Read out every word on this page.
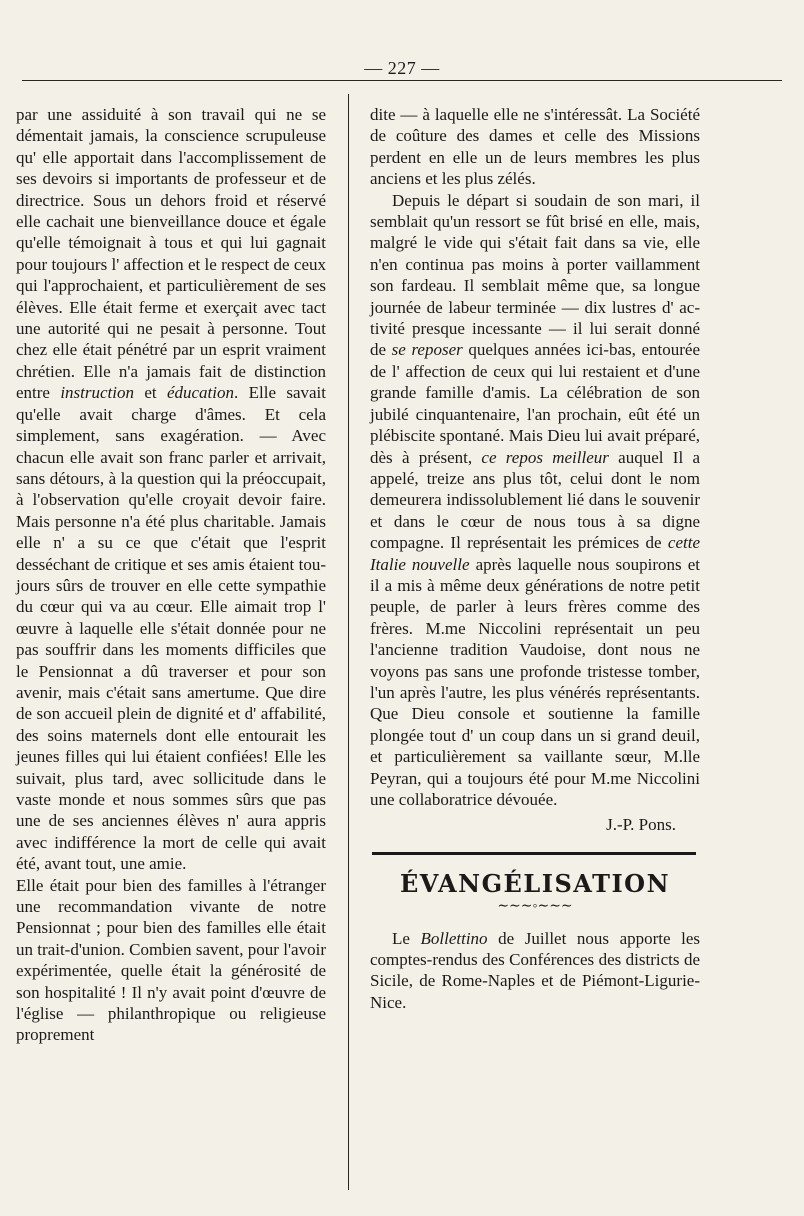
— 227 —

par une assiduité à son travail qui ne se démentait jamais, la conscience scrupuleuse qu' elle apportait dans l'accomplissement de ses devoirs si importants de professeur et de directrice. Sous un dehors froid et réservé elle cachait une bienveillance douce et égale qu'elle témoignait à tous et qui lui gagnait pour toujours l' affection et le respect de ceux qui l'approchaient, et particulièrement de ses élèves. Elle était ferme et exerçait avec tact une autorité qui ne pesait à personne. Tout chez elle était pénétré par un esprit vraiment chrétien. Elle n'a jamais fait de distinction entre instruction et éducation. Elle savait qu'elle avait charge d'âmes. Et cela simplement, sans exagération. — Avec chacun elle avait son franc parler et arrivait, sans détours, à la question qui la préoccupait, à l'observation qu'elle croyait devoir faire. Mais personne n'a été plus charitable. Jamais elle n' a su ce que c'était que l'esprit desséchant de critique et ses amis étaient toujours sûrs de trouver en elle cette sympathie du cœur qui va au cœur. Elle aimait trop l' œuvre à laquelle elle s'était donnée pour ne pas souffrir dans les moments difficiles que le Pensionnat a dû traverser et pour son avenir, mais c'était sans amertume. Que dire de son accueil plein de dignité et d' affabilité, des soins maternels dont elle entourait les jeunes filles qui lui étaient confiées! Elle les suivait, plus tard, avec sollicitude dans le vaste monde et nous sommes sûrs que pas une de ses anciennes élèves n' aura appris avec indifférence la mort de celle qui avait été, avant tout, une amie.

Elle était pour bien des familles à l'étranger une recommandation vivante de notre Pensionnat ; pour bien des familles elle était un trait-d'union. Combien savent, pour l'avoir expérimentée, quelle était la générosité de son hospitalité ! Il n'y avait point d'œuvre de l'église — philanthropique ou religieuse proprement

dite — à laquelle elle ne s'intéressât. La Société de coûture des dames et celle des Missions perdent en elle un de leurs membres les plus anciens et les plus zélés.

Depuis le départ si soudain de son mari, il semblait qu'un ressort se fût brisé en elle, mais, malgré le vide qui s'était fait dans sa vie, elle n'en continua pas moins à porter vaillamment son fardeau. Il semblait même que, sa longue journée de labeur terminée — dix lustres d' activité presque incessante — il lui serait donné de se reposer quelques années ici-bas, entourée de l' affection de ceux qui lui restaient et d'une grande famille d'amis. La célébration de son jubilé cinquantenaire, l'an prochain, eût été un plébiscite spontané. Mais Dieu lui avait préparé, dès à présent, ce repos meilleur auquel Il a appelé, treize ans plus tôt, celui dont le nom demeurera indissolublement lié dans le souvenir et dans le cœur de nous tous à sa digne compagne. Il représentait les prémices de cette Italie nouvelle après laquelle nous soupirons et il a mis à même deux générations de notre petit peuple, de parler à leurs frères comme des frères. M.me Niccolini représentait un peu l'ancienne tradition Vaudoise, dont nous ne voyons pas sans une profonde tristesse tomber, l'un après l'autre, les plus vénérés représentants. Que Dieu console et soutienne la famille plongée tout d' un coup dans un si grand deuil, et particulièrement sa vaillante sœur, M.lle Peyran, qui a toujours été pour M.me Niccolini une collaboratrice dévouée.

J.-P. Pons.

ÉVANGÉLISATION

∼∼∼◦∼∼∼

Le Bollettino de Juillet nous apporte les comptes-rendus des Conférences des districts de Sicile, de Rome-Naples et de Piémont-Ligurie-Nice.
